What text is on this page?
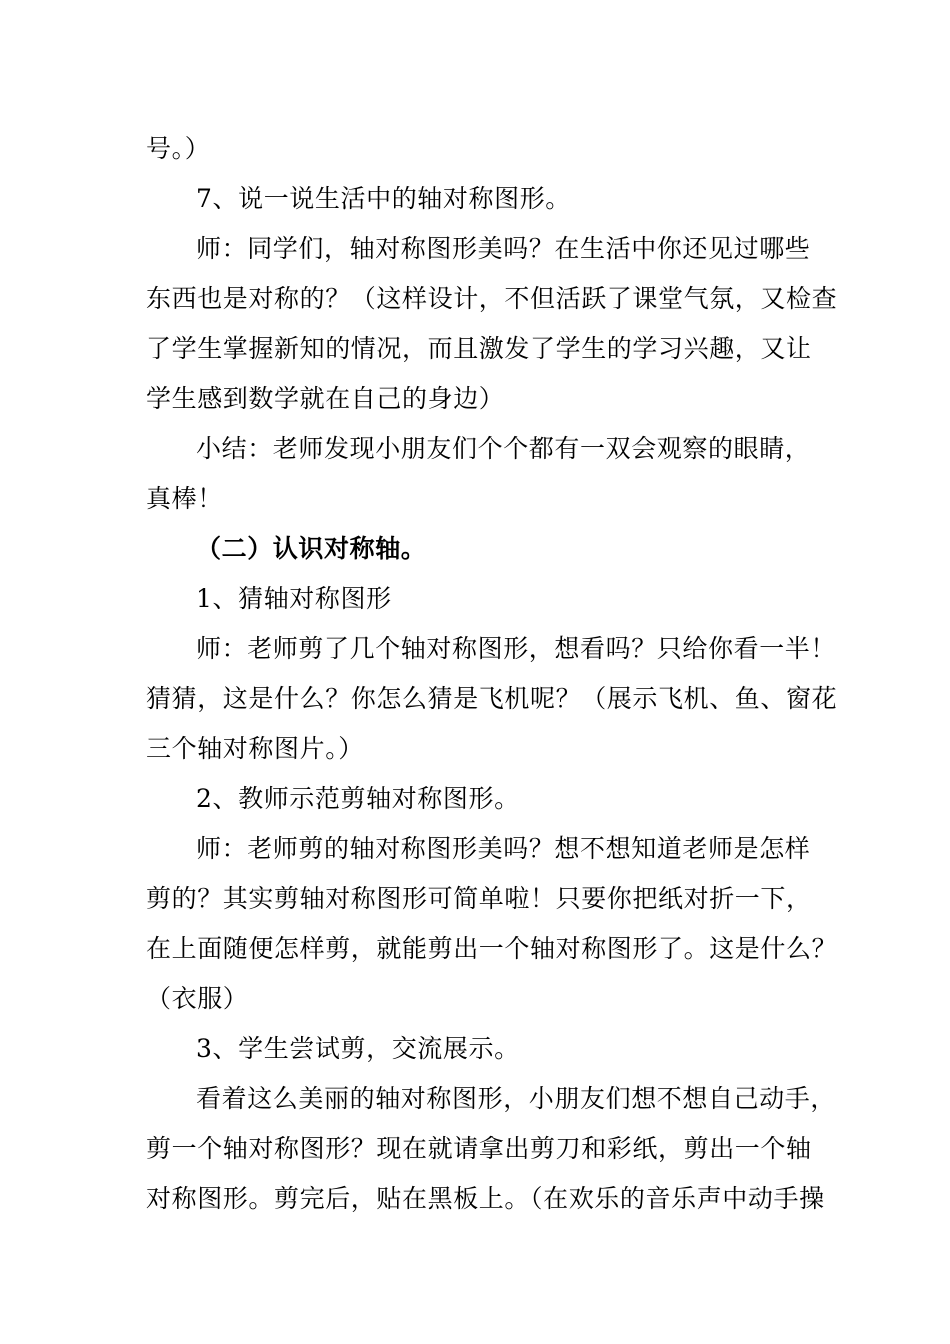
号。）
7、说一说生活中的轴对称图形。
师：同学们，轴对称图形美吗？在生活中你还见过哪些
东西也是对称的？（这样设计，不但活跃了课堂气氛，又检查
了学生掌握新知的情况，而且激发了学生的学习兴趣，又让
学生感到数学就在自己的身边）
小结：老师发现小朋友们个个都有一双会观察的眼睛，
真棒！
（二）认识对称轴。
1、猜轴对称图形
师：老师剪了几个轴对称图形，想看吗？只给你看一半！
猜猜，这是什么？你怎么猜是飞机呢？（展示飞机、鱼、窗花
三个轴对称图片。）
2、教师示范剪轴对称图形。
师：老师剪的轴对称图形美吗？想不想知道老师是怎样
剪的？其实剪轴对称图形可简单啦！只要你把纸对折一下，
在上面随便怎样剪，就能剪出一个轴对称图形了。这是什么？
（衣服）
3、学生尝试剪，交流展示。
看着这么美丽的轴对称图形，小朋友们想不想自己动手，
剪一个轴对称图形？现在就请拿出剪刀和彩纸，剪出一个轴
对称图形。剪完后，贴在黑板上。（在欢乐的音乐声中动手操
